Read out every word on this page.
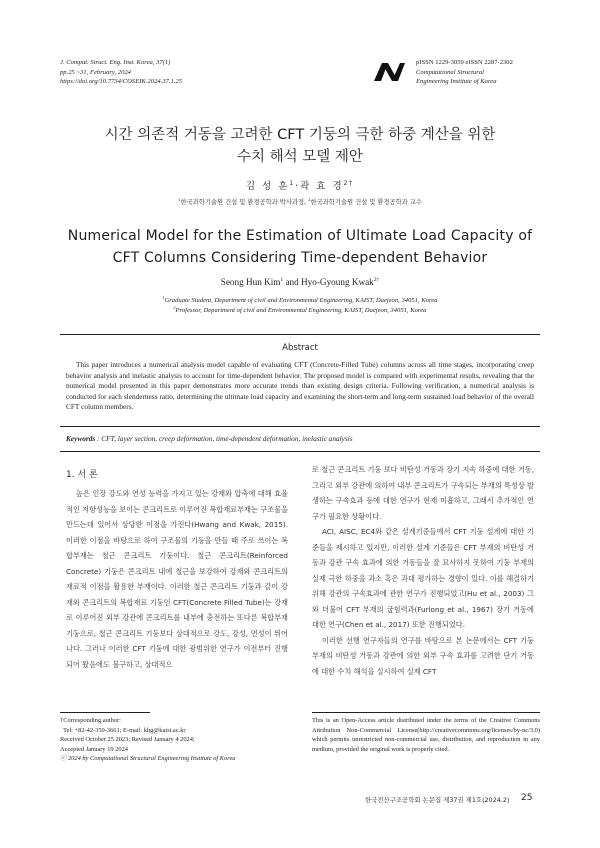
J. Comput. Struct. Eng. Inst. Korea, 37(1)
pp.25 ~31, February, 2024
https://doi.org/10.7734/COSEIK.2024.37.1.25
pISSN 1229-3059 eISSN 2287-2302
Computational Structural
Engineering Institute of Korea
시간 의존적 거동을 고려한 CFT 기둥의 극한 하중 계산을 위한
수치 해석 모델 제안
김 성 훈$^1$·곽 효 경$^{2\dagger}$
$^1$한국과학기술원 건설 및 환경공학과 박사과정, $^2$한국과학기술원 건설 및 환경공학과 교수
Numerical Model for the Estimation of Ultimate Load Capacity of
CFT Columns Considering Time-dependent Behavior
Seong Hun Kim$^1$ and Hyo-Gyoung Kwak$^{2\dagger}$
$^1$Graduate Student, Department of civil and Environmental Engineering, KAIST, Daejeon, 34051, Korea
$^2$Professor, Department of civil and Environmental Engineering, KAIST, Daejeon, 34051, Korea
Abstract
This paper introduces a numerical analysis model capable of evaluating CFT (Concrete-Filled Tube) columns across all time stages, incorporating creep behavior analysis and inelastic analysis to account for time-dependent behavior. The proposed model is compared with experimental results, revealing that the numerical model presented in this paper demonstrates more accurate trends than existing design criteria. Following verification, a numerical analysis is conducted for each slenderness ratio, determining the ultimate load capacity and examining the short-term and long-term sustained load behavior of the overall CFT column members.
Keywords : CFT, layer section, creep deformation, time-dependent deformation, inelastic analysis
1. 서 론

높은 인장 강도와 연성 능력을 가지고 있는 강재와 압축에 대해 효율적인 저항성능을 보이는 콘크리트로 이루어진 복합재료부재는 구조물을 만드는데 있어서 상당한 이점을 가진다(Hwang and Kwak, 2015). 이러한 이점을 바탕으로 하여 구조물의 기둥을 만들 때 주로 쓰이는 복합부재는 철근 콘크리트 기둥이다. 철근 콘크리트(Reinforced Concrete) 기둥은 콘크리트 내에 철근을 보강하여 강재와 콘크리트의 재료적 이점을 활용한 부재이다. 이러한 철근 콘크리트 기둥과 같이 강재와 콘크리트의 복합재료 기둥인 CFT(Concrete Filled Tube)는 강재로 이루어진 외부 강관에 콘크리트를 내부에 충전하는 또다른 복합부재기둥으로, 철근 콘크리트 기둥보다 상대적으로 강도, 강성, 연성이 뛰어나다. 그러나 이러한 CFT 기둥에 대한 광범위한 연구가 이전부터 진행되어 왔음에도 불구하고, 상대적으

로 철근 콘크리트 기둥 보다 비탄성 거동과 장기 지속 하중에 대한 거동, 그리고 외부 강관에 의하여 내부 콘크리트가 구속되는 부재의 특성상 발생하는 구속효과 등에 대한 연구가 현재 미흡하고, 그래서 추가적인 연구가 필요한 상황이다.

ACI, AISC, EC4와 같은 설계기준들에서 CFT 기둥 설계에 대한 기준들을 제시하고 있지만, 이러한 설계 기준들은 CFT 부재의 비탄성 거동과 강관 구속 효과에 의한 거동들을 잘 묘사하지 못하여 기둥 부재의 실제 극한 하중을 과소 혹은 과대 평가하는 경향이 있다. 이를 해결하기 위해 강관의 구속효과에 관한 연구가 진행되었고(Hu et al., 2003) 그와 더불어 CFT 부재의 굽힘력과(Furlong et al., 1967) 장기 거동에 대한 연구(Chen et al., 2017) 또한 진행되었다.

이러한 선행 연구자들의 연구를 바탕으로 본 논문에서는 CFT 기둥 부재의 비탄성 거동과 강관에 의한 외부 구속 효과를 고려한 단기 거동에 대한 수치 해석을 실시하여 실제 CFT

†Corresponding author:
Tel: +82-42-350-3661; E-mail: khg@kaist.ac.kr
Received October 25 2023; Revised January 4 2024;
Accepted January 19 2024
ⓒ 2024 by Computational Structural Engineering Institute of Korea
This is an Open-Access article distributed under the terms of the Creative Commons Attribution Non-Commercial License(http://creativecommons.org/licenses/by-nc/3.0) which permits unrestricted non-commercial use, distribution, and reproduction in any medium, provided the original work is properly cited.
한국전산구조공학회 논문집 제37권 제1호(2024.2) 25
